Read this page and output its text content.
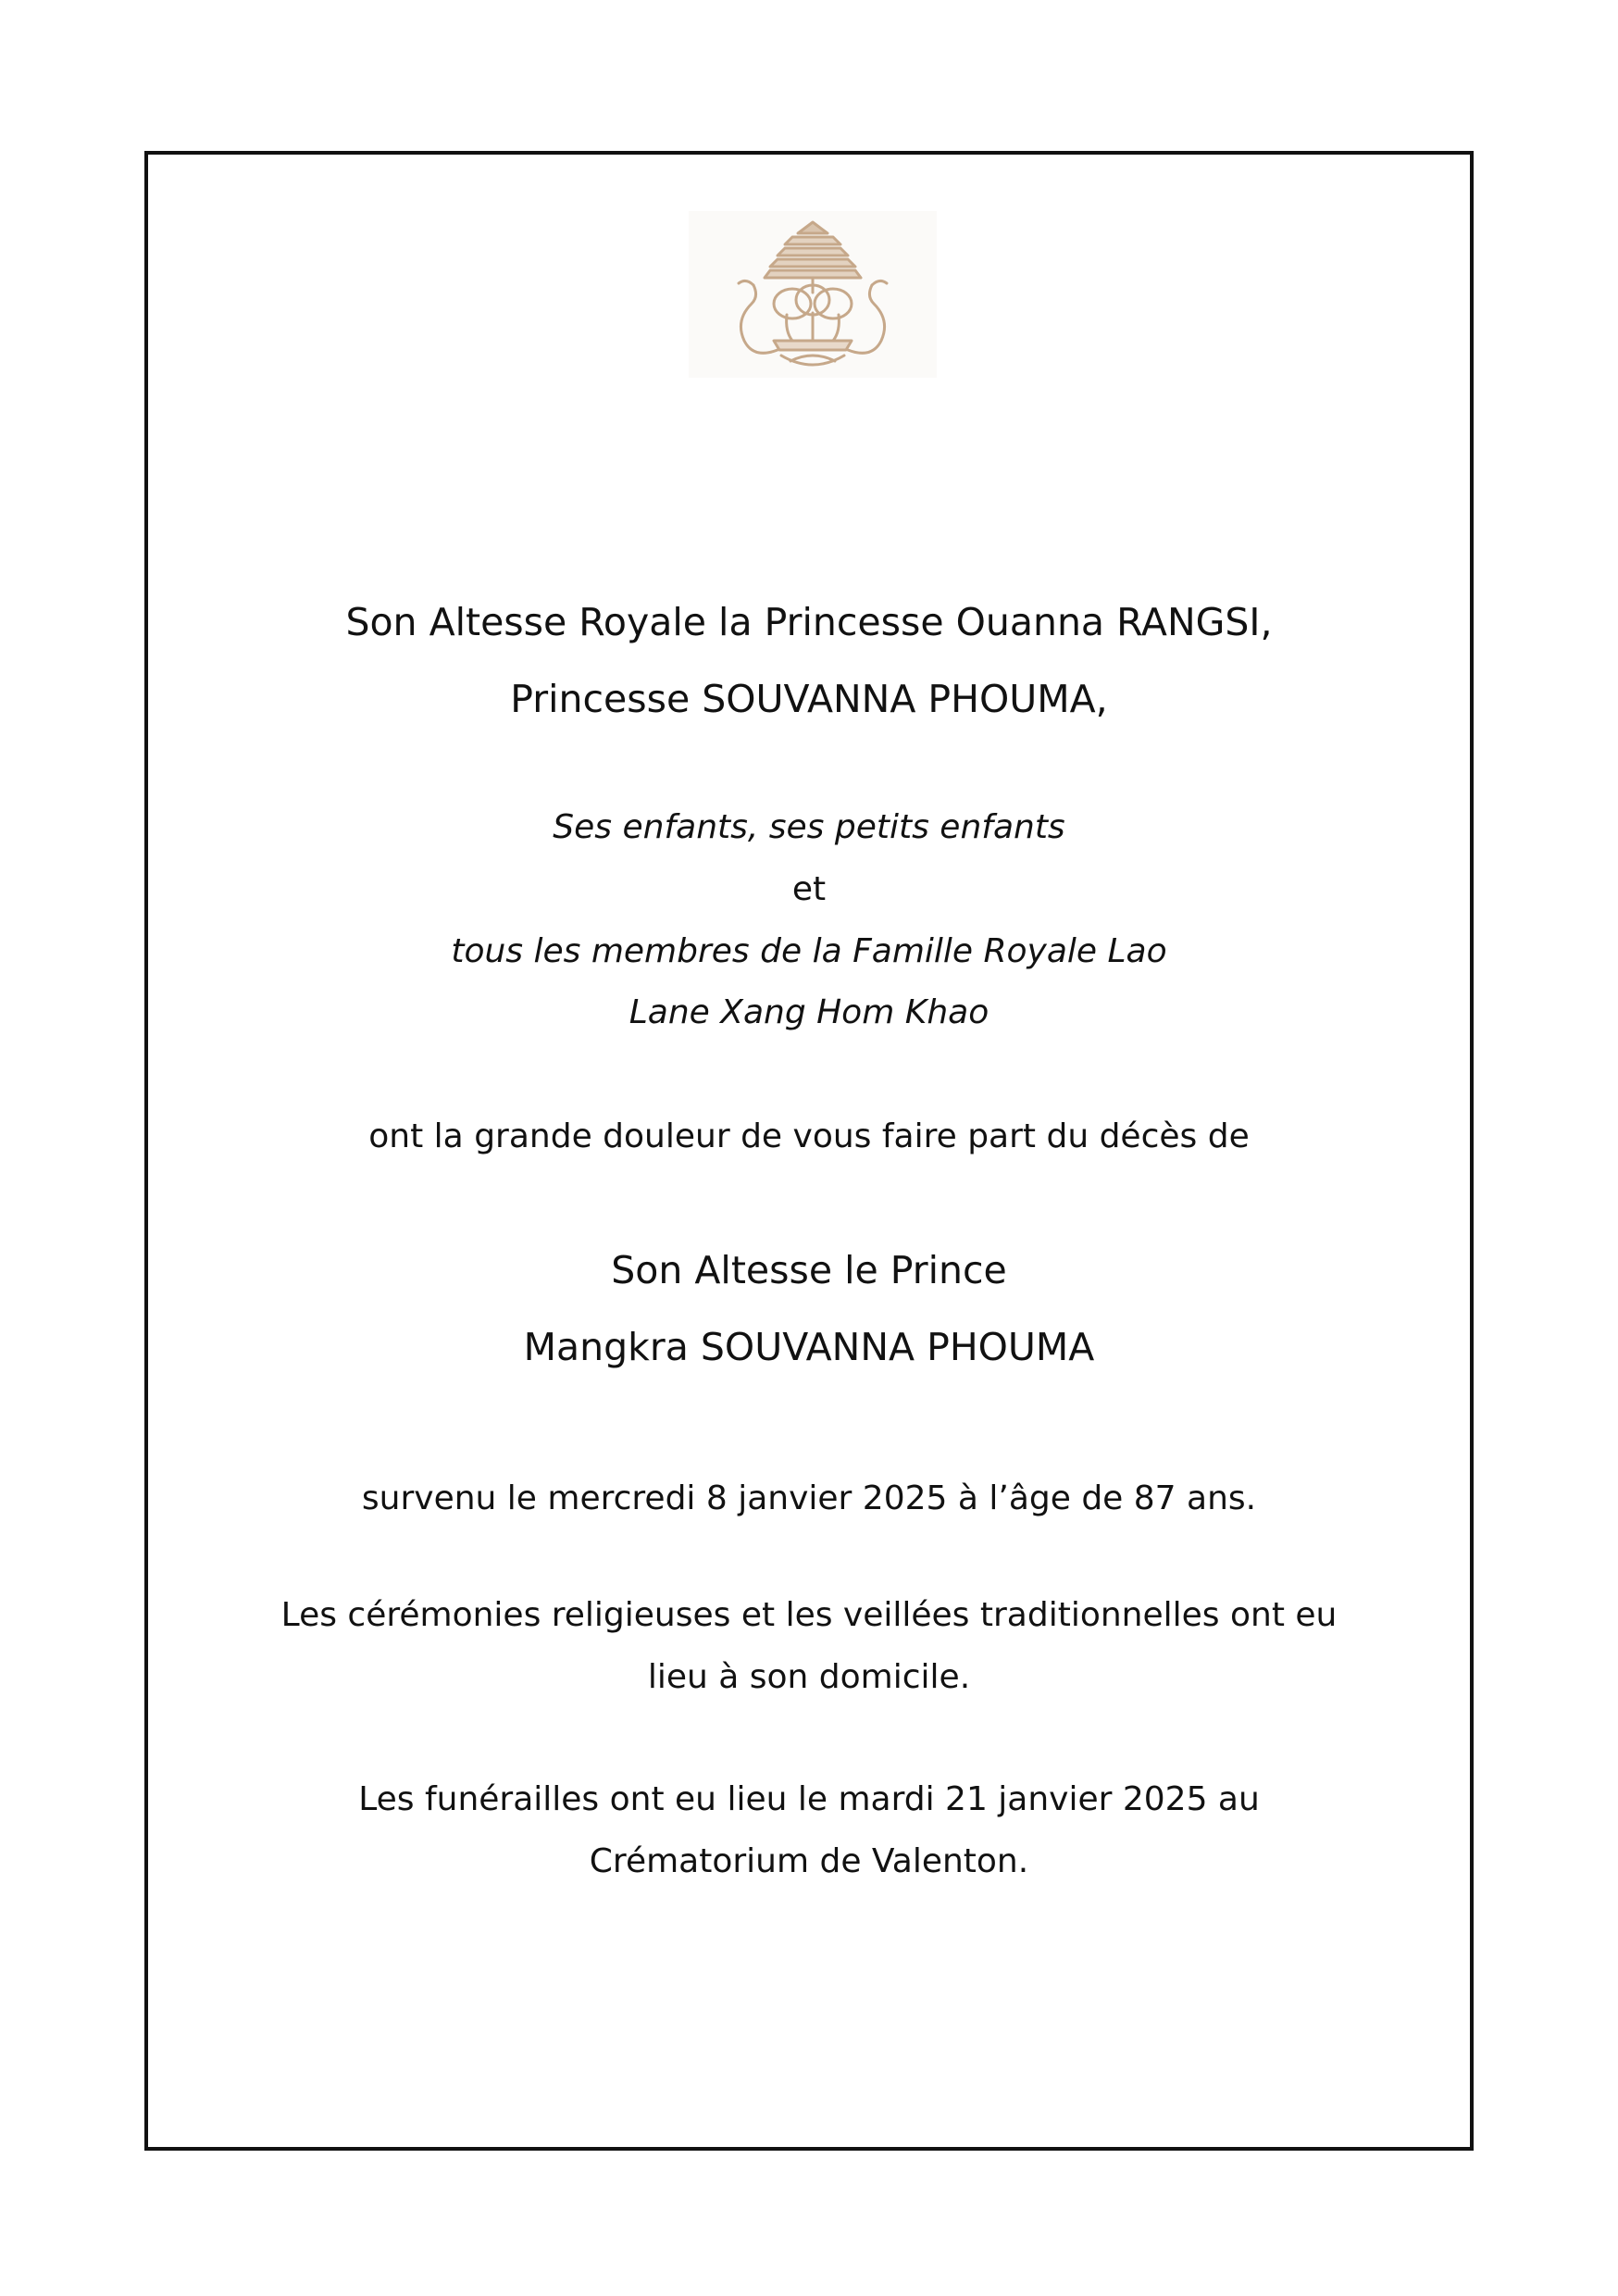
Son Altesse Royale la Princesse Ouanna RANGSI,
Princesse SOUVANNA PHOUMA,
Ses enfants, ses petits enfants
et
tous les membres de la Famille Royale Lao
Lane Xang Hom Khao
ont la grande douleur de vous faire part du décès de
Son Altesse le Prince
Mangkra SOUVANNA PHOUMA
survenu le mercredi 8 janvier 2025 à l’âge de 87 ans.
Les cérémonies religieuses et les veillées traditionnelles ont eu
lieu à son domicile.
Les funérailles ont eu lieu le mardi 21 janvier 2025 au
Crématorium de Valenton.
